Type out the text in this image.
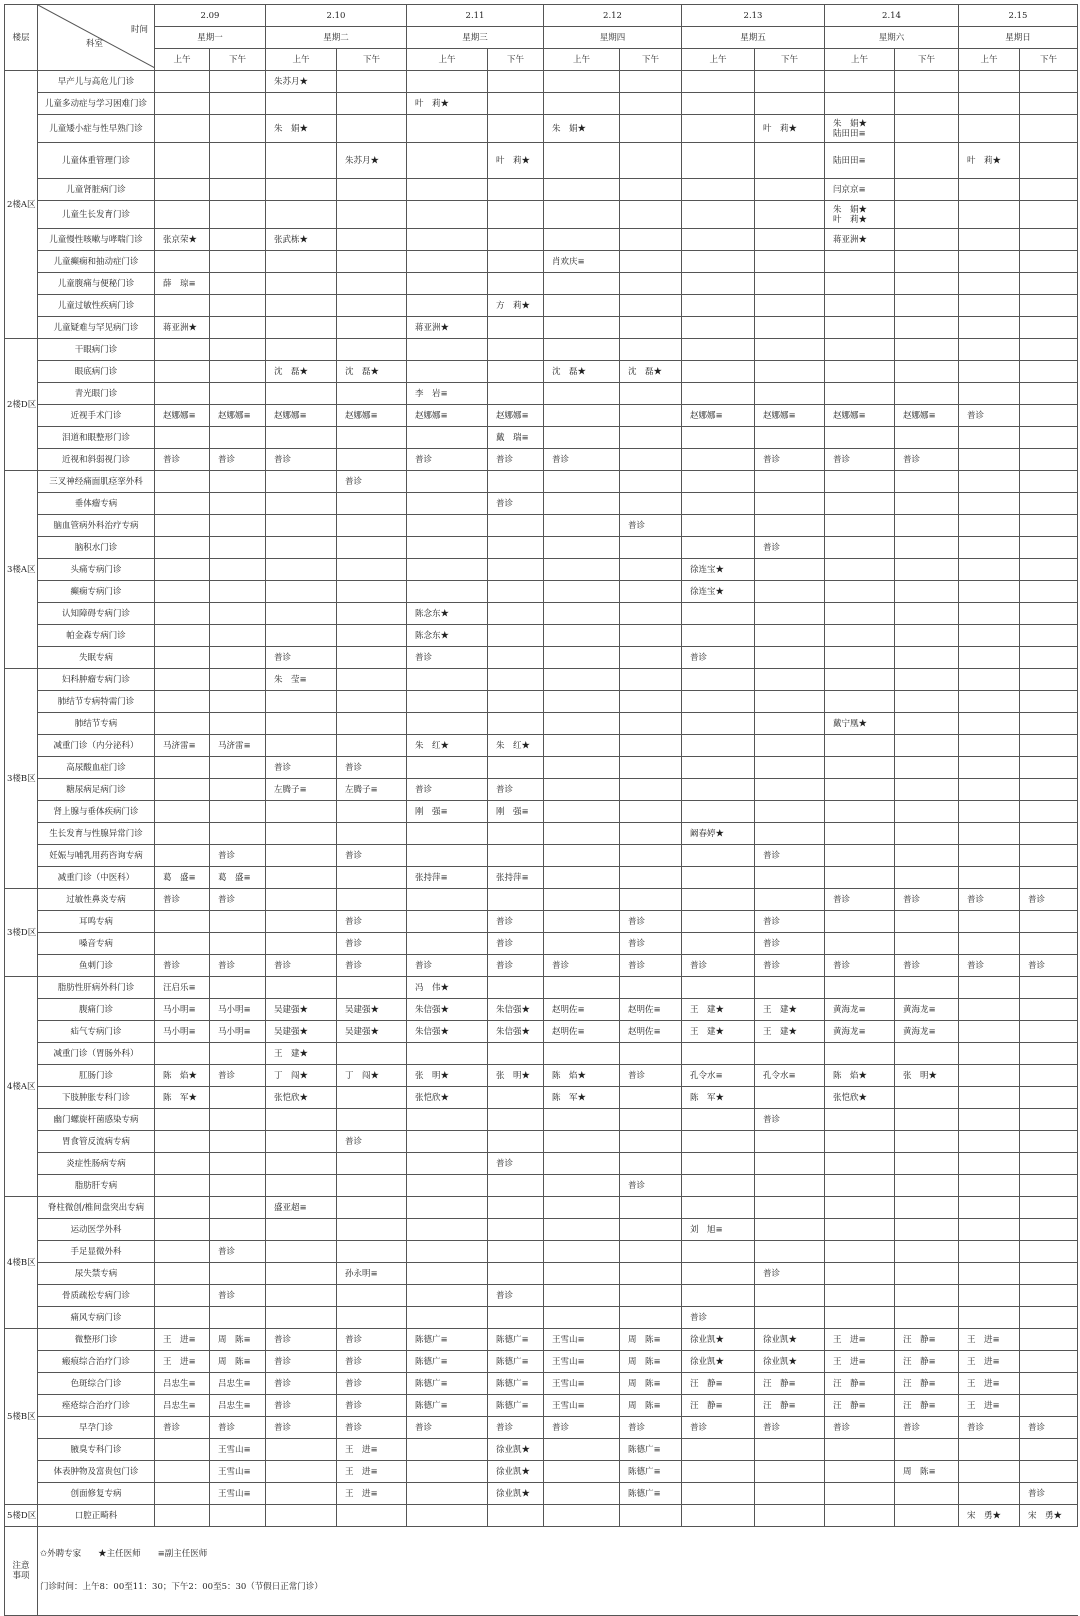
楼层	时间

科室	2.09		2.10		2.11		2.12		2.13		2.14		2.15	
		星期一		星期二		星期三		星期四		星期五		星期六		星期日	
		上午	下午	上午	下午	上午	下午	上午	下午	上午	下午	上午	下午	上午	下午
2楼A区	早产儿与高危儿门诊			朱苏月★											
	儿童多动症与学习困难门诊					叶　莉★									
	儿童矮小症与性早熟门诊			朱　娟★				朱　娟★			叶　莉★	朱　娟★
陆田田≡			
	儿童体重管理门诊				朱苏月★		叶　莉★					陆田田≡		叶　莉★	
	儿童肾脏病门诊											闫京京≡			
	儿童生长发育门诊											朱　娟★
叶　莉★			
	儿童慢性咳嗽与哮喘门诊	张京荣★		张武栋★								蒋亚洲★			
	儿童癫痫和抽动症门诊							肖欢庆≡							
	儿童腹痛与便秘门诊	薛　琼≡													
	儿童过敏性疾病门诊						方　莉★								
	儿童疑难与罕见病门诊	蒋亚洲★				蒋亚洲★									
2楼D区	干眼病门诊														
	眼底病门诊			沈　磊★	沈　磊★			沈　磊★	沈　磊★						
	青光眼门诊					李　岩≡									
	近视手术门诊	赵娜娜≡	赵娜娜≡	赵娜娜≡	赵娜娜≡	赵娜娜≡	赵娜娜≡			赵娜娜≡	赵娜娜≡	赵娜娜≡	赵娜娜≡	普诊	
	泪道和眼整形门诊						戴　瑞≡								
	近视和斜弱视门诊	普诊	普诊	普诊		普诊	普诊	普诊			普诊	普诊	普诊		
3楼A区	三叉神经痛面肌痉挛外科				普诊										
	垂体瘤专病						普诊								
	脑血管病外科治疗专病								普诊						
	脑积水门诊										普诊				
	头痛专病门诊									徐连宝★					
	癫痫专病门诊									徐连宝★					
	认知障碍专病门诊					陈念东★									
	帕金森专病门诊					陈念东★									
	失眠专病			普诊		普诊				普诊					
3楼B区	妇科肿瘤专病门诊			朱　莹≡											
	肺结节专病特需门诊														
	肺结节专病											戴宁凰★			
	减重门诊（内分泌科）	马济雷≡	马济雷≡			朱　红★	朱　红★								
	高尿酸血症门诊			普诊	普诊										
	糖尿病足病门诊			左腾子≡	左腾子≡	普诊	普诊								
	肾上腺与垂体疾病门诊					刚　强≡	刚　强≡								
	生长发育与性腺异常门诊									阚春婷★					
	妊娠与哺乳用药咨询专病		普诊		普诊						普诊				
	减重门诊（中医科）	葛　盛≡	葛　盛≡			张持萍≡	张持萍≡								
3楼D区	过敏性鼻炎专病	普诊	普诊									普诊	普诊	普诊	普诊
	耳鸣专病				普诊		普诊		普诊		普诊				
	嗓音专病				普诊		普诊		普诊		普诊				
	鱼刺门诊	普诊	普诊	普诊	普诊	普诊	普诊	普诊	普诊	普诊	普诊	普诊	普诊	普诊	普诊
4楼A区	脂肪性肝病外科门诊	汪启乐≡				冯　伟★									
	腹痛门诊	马小明≡	马小明≡	吴建强★	吴建强★	朱信强★	朱信强★	赵明佐≡	赵明佐≡	王　建★	王　建★	黄海龙≡	黄海龙≡		
	疝气专病门诊	马小明≡	马小明≡	吴建强★	吴建强★	朱信强★	朱信强★	赵明佐≡	赵明佐≡	王　建★	王　建★	黄海龙≡	黄海龙≡		
	减重门诊（胃肠外科）			王　建★											
	肛肠门诊	陈　焰★	普诊	丁　闯★	丁　闯★	张　明★	张　明★	陈　焰★	普诊	孔令水≡	孔令水≡	陈　焰★	张　明★		
	下肢肿胀专科门诊	陈　军★		张恺欣★		张恺欣★		陈　军★		陈　军★		张恺欣★			
	幽门螺旋杆菌感染专病										普诊				
	胃食管反流病专病				普诊										
	炎症性肠病专病						普诊								
	脂肪肝专病								普诊						
4楼B区	脊柱微创/椎间盘突出专病			盛亚超≡											
	运动医学外科									刘　旭≡					
	手足显微外科		普诊												
	尿失禁专病				孙永明≡						普诊				
	骨质疏松专病门诊		普诊				普诊								
	痛风专病门诊									普诊					
5楼B区	微整形门诊	王　进≡	周　陈≡	普诊	普诊	陈德广≡	陈德广≡	王雪山≡	周　陈≡	徐业凯★	徐业凯★	王　进≡	汪　静≡	王　进≡	
	瘢痕综合治疗门诊	王　进≡	周　陈≡	普诊	普诊	陈德广≡	陈德广≡	王雪山≡	周　陈≡	徐业凯★	徐业凯★	王　进≡	汪　静≡	王　进≡	
	色斑综合门诊	吕忠生≡	吕忠生≡	普诊	普诊	陈德广≡	陈德广≡	王雪山≡	周　陈≡	汪　静≡	汪　静≡	汪　静≡	汪　静≡	王　进≡	
	痤疮综合治疗门诊	吕忠生≡	吕忠生≡	普诊	普诊	陈德广≡	陈德广≡	王雪山≡	周　陈≡	汪　静≡	汪　静≡	汪　静≡	汪　静≡	王　进≡	
	早孕门诊	普诊	普诊	普诊	普诊	普诊	普诊	普诊	普诊	普诊	普诊	普诊	普诊	普诊	普诊
	腋臭专科门诊		王雪山≡		王　进≡		徐业凯★		陈德广≡						
	体表肿物及富贵包门诊		王雪山≡		王　进≡		徐业凯★		陈德广≡				周　陈≡		
	创面修复专病		王雪山≡		王　进≡		徐业凯★		陈德广≡						普诊
5楼D区	口腔正畸科													宋　勇★	宋　勇★
注意
事项	

✩外聘专家　　★主任医师　　≡副主任医师

门诊时间：上午8：00至11：30；下午2：00至5：30（节假日正常门诊）
